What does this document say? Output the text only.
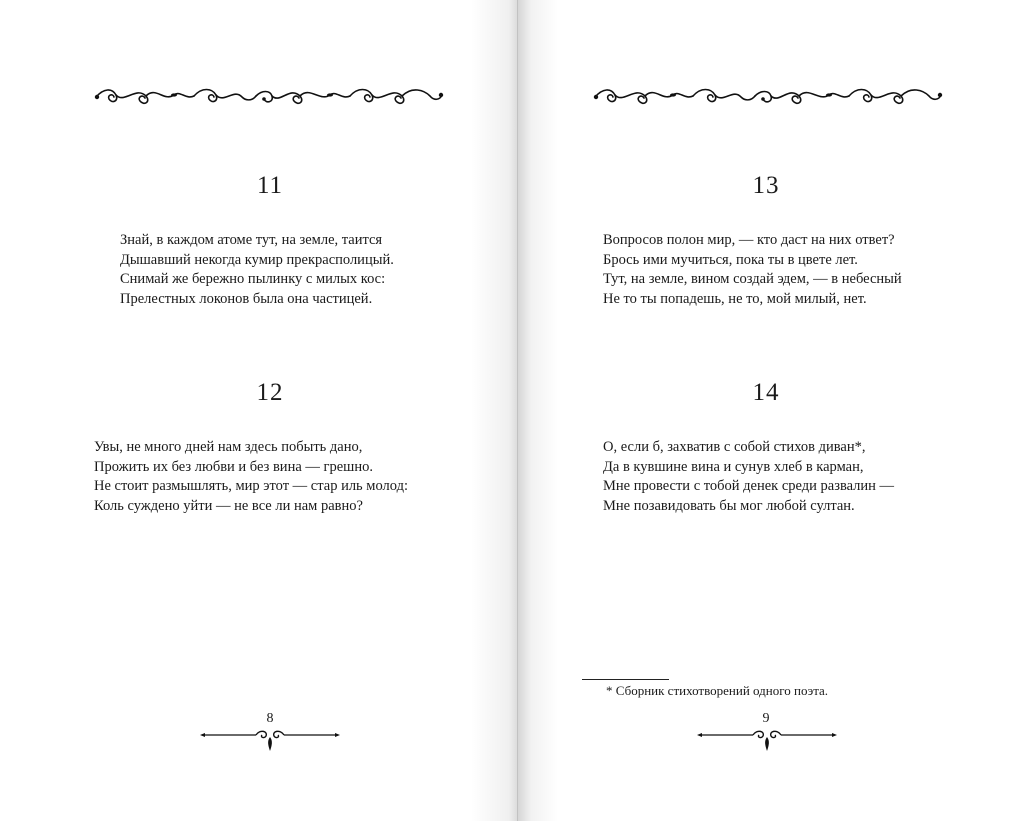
11
Знай, в каждом атоме тут, на земле, таится
Дышавший некогда кумир прекрасполицый.
Снимай же бережно пылинку с милых кос:
Прелестных локонов была она частицей.
12
Увы, не много дней нам здесь побыть дано,
Прожить их без любви и без вина — грешно.
Не стоит размышлять, мир этот — стар иль молод:
Коль суждено уйти — не все ли нам равно?
8
13
Вопросов полон мир, — кто даст на них ответ?
Брось ими мучиться, пока ты в цвете лет.
Тут, на земле, вином создай эдем, — в небесный
Не то ты попадешь, не то, мой милый, нет.
14
О, если б, захватив с собой стихов диван*,
Да в кувшине вина и сунув хлеб в карман,
Мне провести с тобой денек среди развалин —
Мне позавидовать бы мог любой султан.
* Сборник стихотворений одного поэта.
9
